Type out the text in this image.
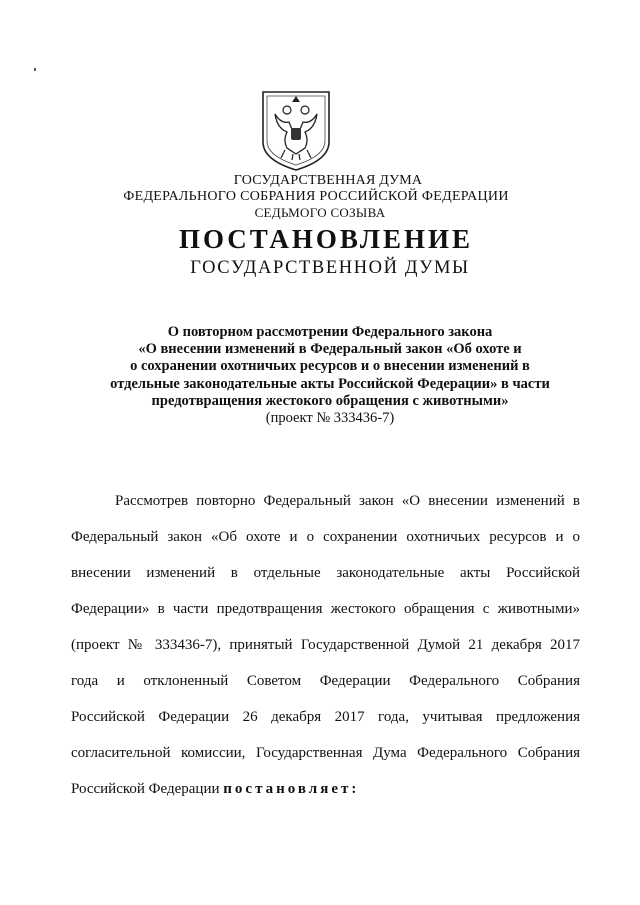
ГОСУДАРСТВЕННАЯ ДУМА
ФЕДЕРАЛЬНОГО СОБРАНИЯ РОССИЙСКОЙ ФЕДЕРАЦИИ
СЕДЬМОГО СОЗЫВА
ПОСТАНОВЛЕНИЕ
ГОСУДАРСТВЕННОЙ ДУМЫ
О повторном рассмотрении Федерального закона
«О внесении изменений в Федеральный закон «Об охоте и
о сохранении охотничьих ресурсов и о внесении изменений в
отдельные законодательные акты Российской Федерации» в части
предотвращения жестокого обращения с животными»
(проект № 333436-7)
Рассмотрев повторно Федеральный закон «О внесении изменений в
Федеральный закон «Об охоте и о сохранении охотничьих ресурсов и о
внесении изменений в отдельные законодательные акты Российской
Федерации» в части предотвращения жестокого обращения с животными»
(проект № 333436-7), принятый Государственной Думой 21 декабря 2017
года и отклоненный Советом Федерации Федерального Собрания
Российской Федерации 26 декабря 2017 года, учитывая предложения
согласительной комиссии, Государственная Дума Федерального Собрания
Российской Федерации постановляет:
